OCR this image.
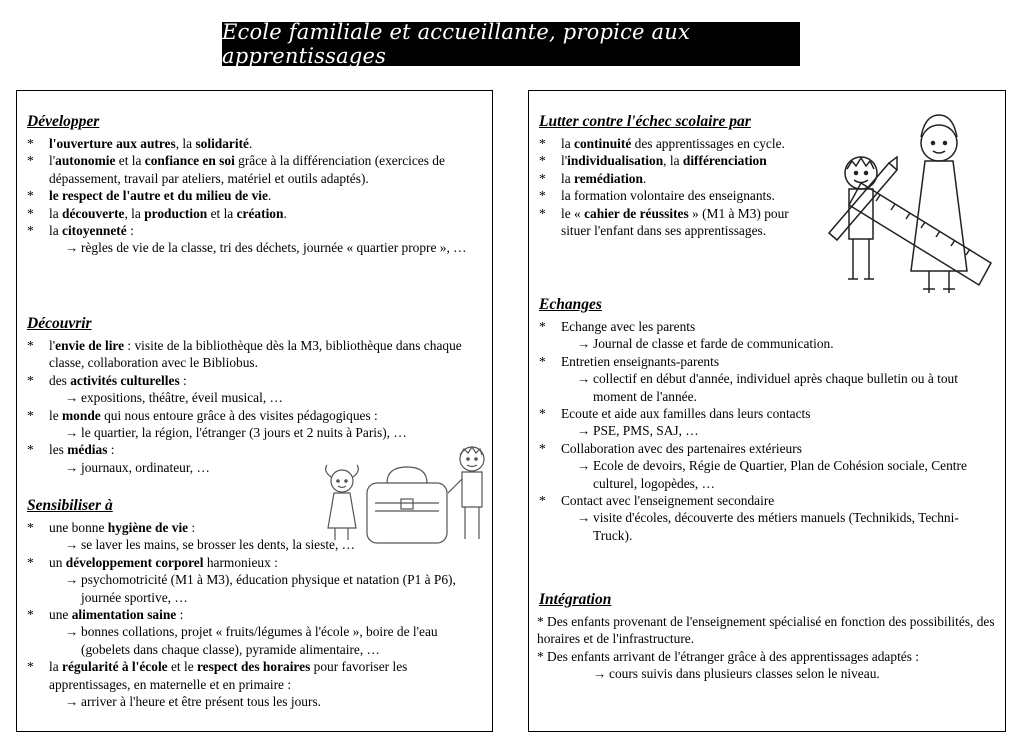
Ecole familiale et accueillante, propice aux apprentissages
Développer
* l'ouverture aux autres, la solidarité.
* l'autonomie et la confiance en soi grâce à la différenciation (exercices de dépassement, travail par ateliers, matériel et outils adaptés).
* le respect de l'autre et du milieu de vie.
* la découverte, la production et la création.
* la citoyenneté :
→ règles de vie de la classe, tri des déchets, journée « quartier propre », …
Découvrir
* l'envie de lire : visite de la bibliothèque dès la M3, bibliothèque dans chaque classe, collaboration avec le Bibliobus.
* des activités culturelles :
→ expositions, théâtre, éveil musical, …
* le monde qui nous entoure grâce à des visites pédagogiques :
→ le quartier, la région, l'étranger (3 jours et 2 nuits à Paris), …
* les médias :
→ journaux, ordinateur, …
Sensibiliser à
* une bonne hygiène de vie :
→ se laver les mains, se brosser les dents, la sieste, …
* un développement corporel harmonieux :
→ psychomotricité (M1 à M3), éducation physique et natation (P1 à P6), journée sportive, …
* une alimentation saine :
→ bonnes collations, projet « fruits/légumes à l'école », boire de l'eau (gobelets dans chaque classe), pyramide alimentaire, …
* la régularité à l'école et le respect des horaires pour favoriser les apprentissages, en maternelle et en primaire :
→ arriver à l'heure et être présent tous les jours.
Lutter contre l'échec scolaire par
* la continuité des apprentissages en cycle.
* l'individualisation, la différenciation
* la remédiation.
* la formation volontaire des enseignants.
* le « cahier de réussites » (M1 à M3) pour situer l'enfant dans ses apprentissages.
Echanges
* Echange avec les parents
→ Journal de classe et farde de communication.
* Entretien enseignants-parents
→ collectif en début d'année, individuel après chaque bulletin ou à tout moment de l'année.
* Ecoute et aide aux familles dans leurs contacts
→ PSE, PMS, SAJ, …
* Collaboration avec des partenaires extérieurs
→ Ecole de devoirs, Régie de Quartier, Plan de Cohésion sociale, Centre culturel, logopèdes, …
* Contact avec l'enseignement secondaire
→ visite d'écoles, découverte des métiers manuels (Technikids, Techni-Truck).
Intégration
* Des enfants provenant de l'enseignement spécialisé en fonction des possibilités, des horaires et de l'infrastructure.
* Des enfants arrivant de l'étranger grâce à des apprentissages adaptés :
→ cours suivis dans plusieurs classes selon le niveau.
